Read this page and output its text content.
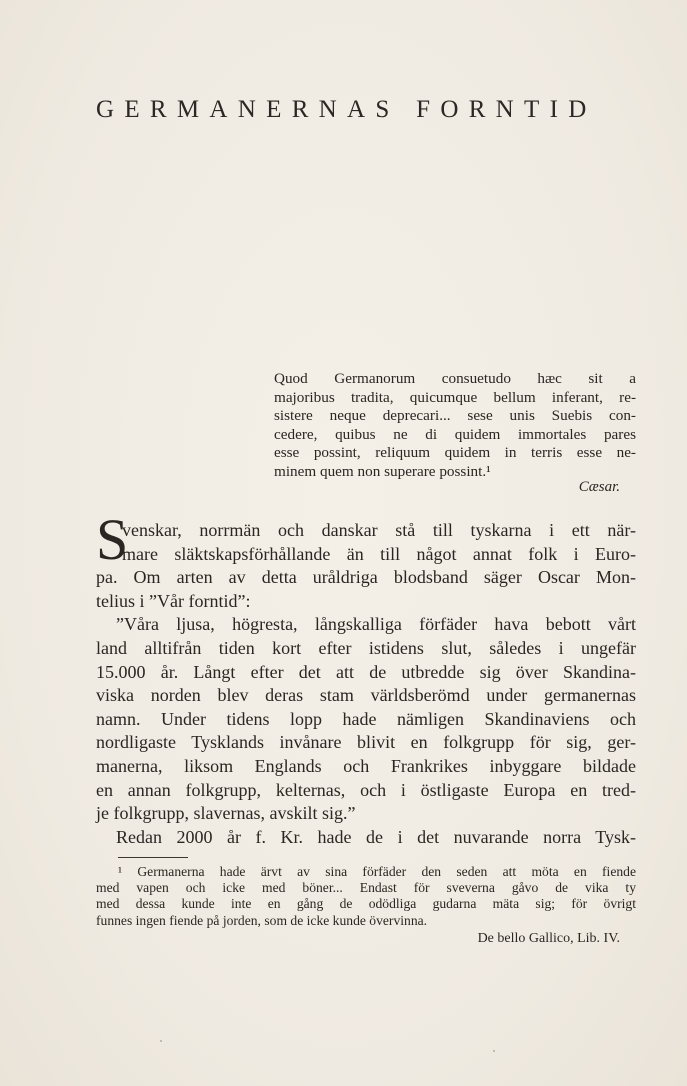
GERMANERNAS FORNTID
Quod Germanorum consuetudo hæc sit a
majoribus tradita, quicumque bellum inferant, re-
sistere neque deprecari... sese unis Suebis con-
cedere, quibus ne di quidem immortales pares
esse possint, reliquum quidem in terris esse ne-
minem quem non superare possint.¹
Cæsar.
S
venskar, norrmän och danskar stå till tyskarna i ett när-
mare släktskapsförhållande än till något annat folk i Euro-
pa. Om arten av detta uråldriga blodsband säger Oscar Mon-
telius i ”Vår forntid”:
”Våra ljusa, högresta, långskalliga förfäder hava bebott vårt
land alltifrån tiden kort efter istidens slut, således i ungefär
15.000 år. Långt efter det att de utbredde sig över Skandina-
viska norden blev deras stam världsberömd under germanernas
namn. Under tidens lopp hade nämligen Skandinaviens och
nordligaste Tysklands invånare blivit en folkgrupp för sig, ger-
manerna, liksom Englands och Frankrikes inbyggare bildade
en annan folkgrupp, kelternas, och i östligaste Europa en tred-
je folkgrupp, slavernas, avskilt sig.”
Redan 2000 år f. Kr. hade de i det nuvarande norra Tysk-
¹ Germanerna hade ärvt av sina förfäder den seden att möta en fiende
med vapen och icke med böner... Endast för sveverna gåvo de vika ty
med dessa kunde inte en gång de odödliga gudarna mäta sig; för övrigt
funnes ingen fiende på jorden, som de icke kunde övervinna.
De bello Gallico, Lib. IV.
